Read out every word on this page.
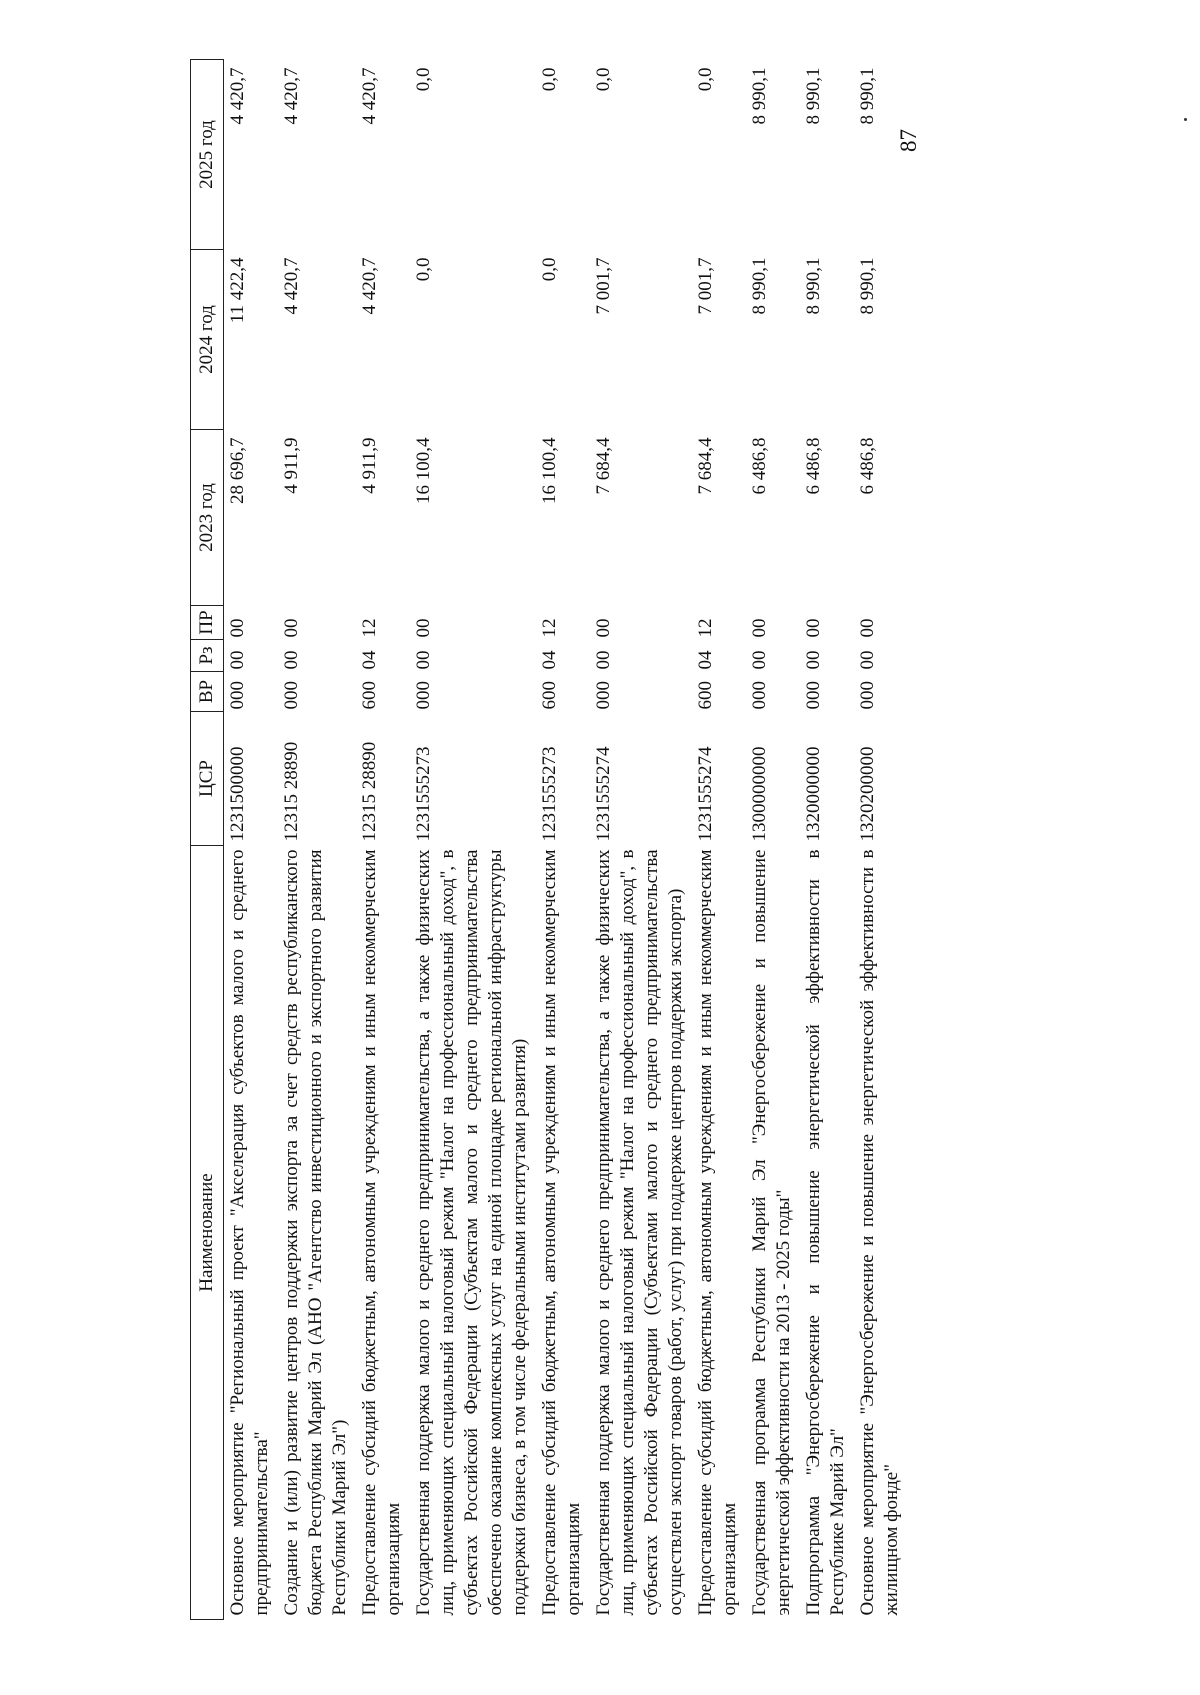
87
Наименование	ЦСР	ВР	Рз	ПР	2023 год	2024 год	2025 год
Основное мероприятие "Региональный проект "Акселерация субъектов малого и среднего предпринимательства"	1231500000	000	00	00	28 696,7	11 422,4	4 420,7
Создание и (или) развитие центров поддержки экспорта за счет средств республиканского бюджета Республики Марий Эл (АНО "Агентство инвестиционного и экспортного развития Республики Марий Эл")	12315 28890	000	00	00	4 911,9	4 420,7	4 420,7
Предоставление субсидий бюджетным, автономным учреждениям и иным некоммерческим организациям	12315 28890	600	04	12	4 911,9	4 420,7	4 420,7
Государственная поддержка малого и среднего предпринимательства, а также физических лиц, применяющих специальный налоговый режим "Налог на профессиональный доход", в субъектах Российской Федерации (Субъектам малого и среднего предпринимательства обеспечено оказание комплексных услуг на единой площадке региональной инфраструктуры поддержки бизнеса, в том числе федеральными институтами развития)	1231555273	000	00	00	16 100,4	0,0	0,0
Предоставление субсидий бюджетным, автономным учреждениям и иным некоммерческим организациям	1231555273	600	04	12	16 100,4	0,0	0,0
Государственная поддержка малого и среднего предпринимательства, а также физических лиц, применяющих специальный налоговый режим "Налог на профессиональный доход", в субъектах Российской Федерации (Субъектами малого и среднего предпринимательства осуществлен экспорт товаров (работ, услуг) при поддержке центров поддержки экспорта)	1231555274	000	00	00	7 684,4	7 001,7	0,0
Предоставление субсидий бюджетным, автономным учреждениям и иным некоммерческим организациям	1231555274	600	04	12	7 684,4	7 001,7	0,0
Государственная программа Республики Марий Эл "Энергосбережение и повышение энергетической эффективности на 2013 - 2025 годы"	1300000000	000	00	00	6 486,8	8 990,1	8 990,1
Подпрограмма "Энергосбережение и повышение энергетической эффективности в Республике Марий Эл"	1320000000	000	00	00	6 486,8	8 990,1	8 990,1
Основное мероприятие "Энергосбережение и повышение энергетической эффективности в жилищном фонде"	1320200000	000	00	00	6 486,8	8 990,1	8 990,1
